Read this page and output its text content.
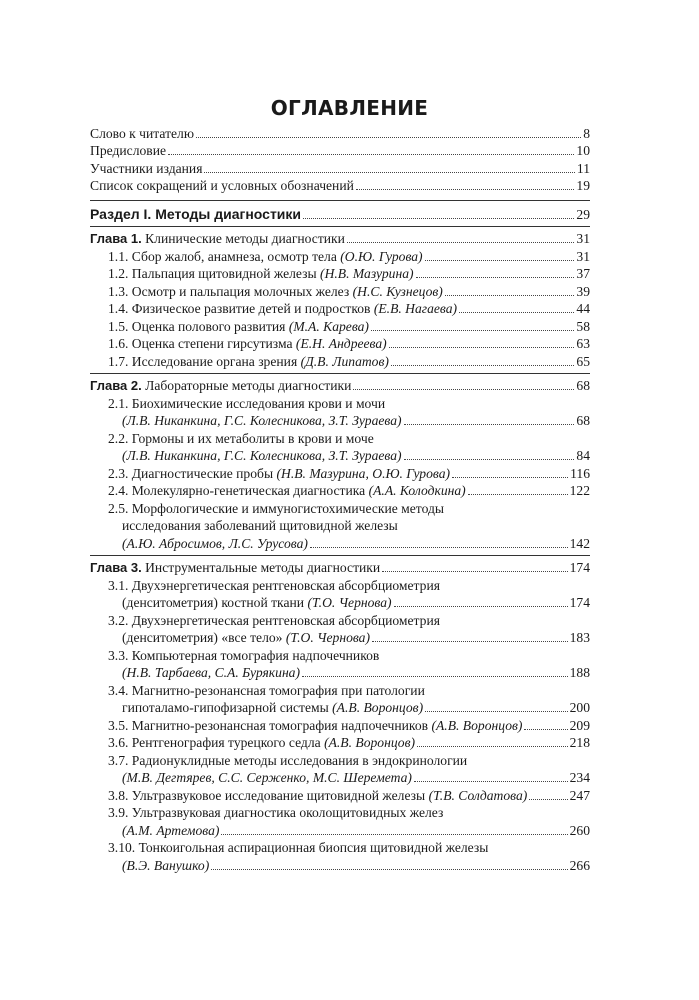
ОГЛАВЛЕНИЕ
Слово к читателю	8
Предисловие	10
Участники издания	11
Список сокращений и условных обозначений	19
Раздел I. Методы диагностики	29
Глава 1. Клинические методы диагностики	31
1.1. Сбор жалоб, анамнеза, осмотр тела (О.Ю. Гурова)	31
1.2. Пальпация щитовидной железы (Н.В. Мазурина)	37
1.3. Осмотр и пальпация молочных желез (Н.С. Кузнецов)	39
1.4. Физическое развитие детей и подростков (Е.В. Нагаева)	44
1.5. Оценка полового развития (М.А. Карева)	58
1.6. Оценка степени гирсутизма (Е.Н. Андреева)	63
1.7. Исследование органа зрения (Д.В. Липатов)	65
Глава 2. Лабораторные методы диагностики	68
2.1. Биохимические исследования крови и мочи
(Л.В. Никанкина, Г.С. Колесникова, З.Т. Зураева)	68
2.2. Гормоны и их метаболиты в крови и моче
(Л.В. Никанкина, Г.С. Колесникова, З.Т. Зураева)	84
2.3. Диагностические пробы (Н.В. Мазурина, О.Ю. Гурова)	116
2.4. Молекулярно-генетическая диагностика (А.А. Колодкина)	122
2.5. Морфологические и иммуногистохимические методы
исследования заболеваний щитовидной железы
(А.Ю. Абросимов, Л.С. Урусова)	142
Глава 3. Инструментальные методы диагностики	174
3.1. Двухэнергетическая рентгеновская абсорбциометрия
(денситометрия) костной ткани (Т.О. Чернова)	174
3.2. Двухэнергетическая рентгеновская абсорбциометрия
(денситометрия) «все тело» (Т.О. Чернова)	183
3.3. Компьютерная томография надпочечников
(Н.В. Тарбаева, С.А. Бурякина)	188
3.4. Магнитно-резонансная томография при патологии
гипоталамо-гипофизарной системы (А.В. Воронцов)	200
3.5. Магнитно-резонансная томография надпочечников (А.В. Воронцов)	209
3.6. Рентгенография турецкого седла (А.В. Воронцов)	218
3.7. Радионуклидные методы исследования в эндокринологии
(М.В. Дегтярев, С.С. Серженко, М.С. Шеремета)	234
3.8. Ультразвуковое исследование щитовидной железы (Т.В. Солдатова)	247
3.9. Ультразвуковая диагностика околощитовидных желез
(А.М. Артемова)	260
3.10. Тонкоигольная аспирационная биопсия щитовидной железы
(В.Э. Ванушко)	266
